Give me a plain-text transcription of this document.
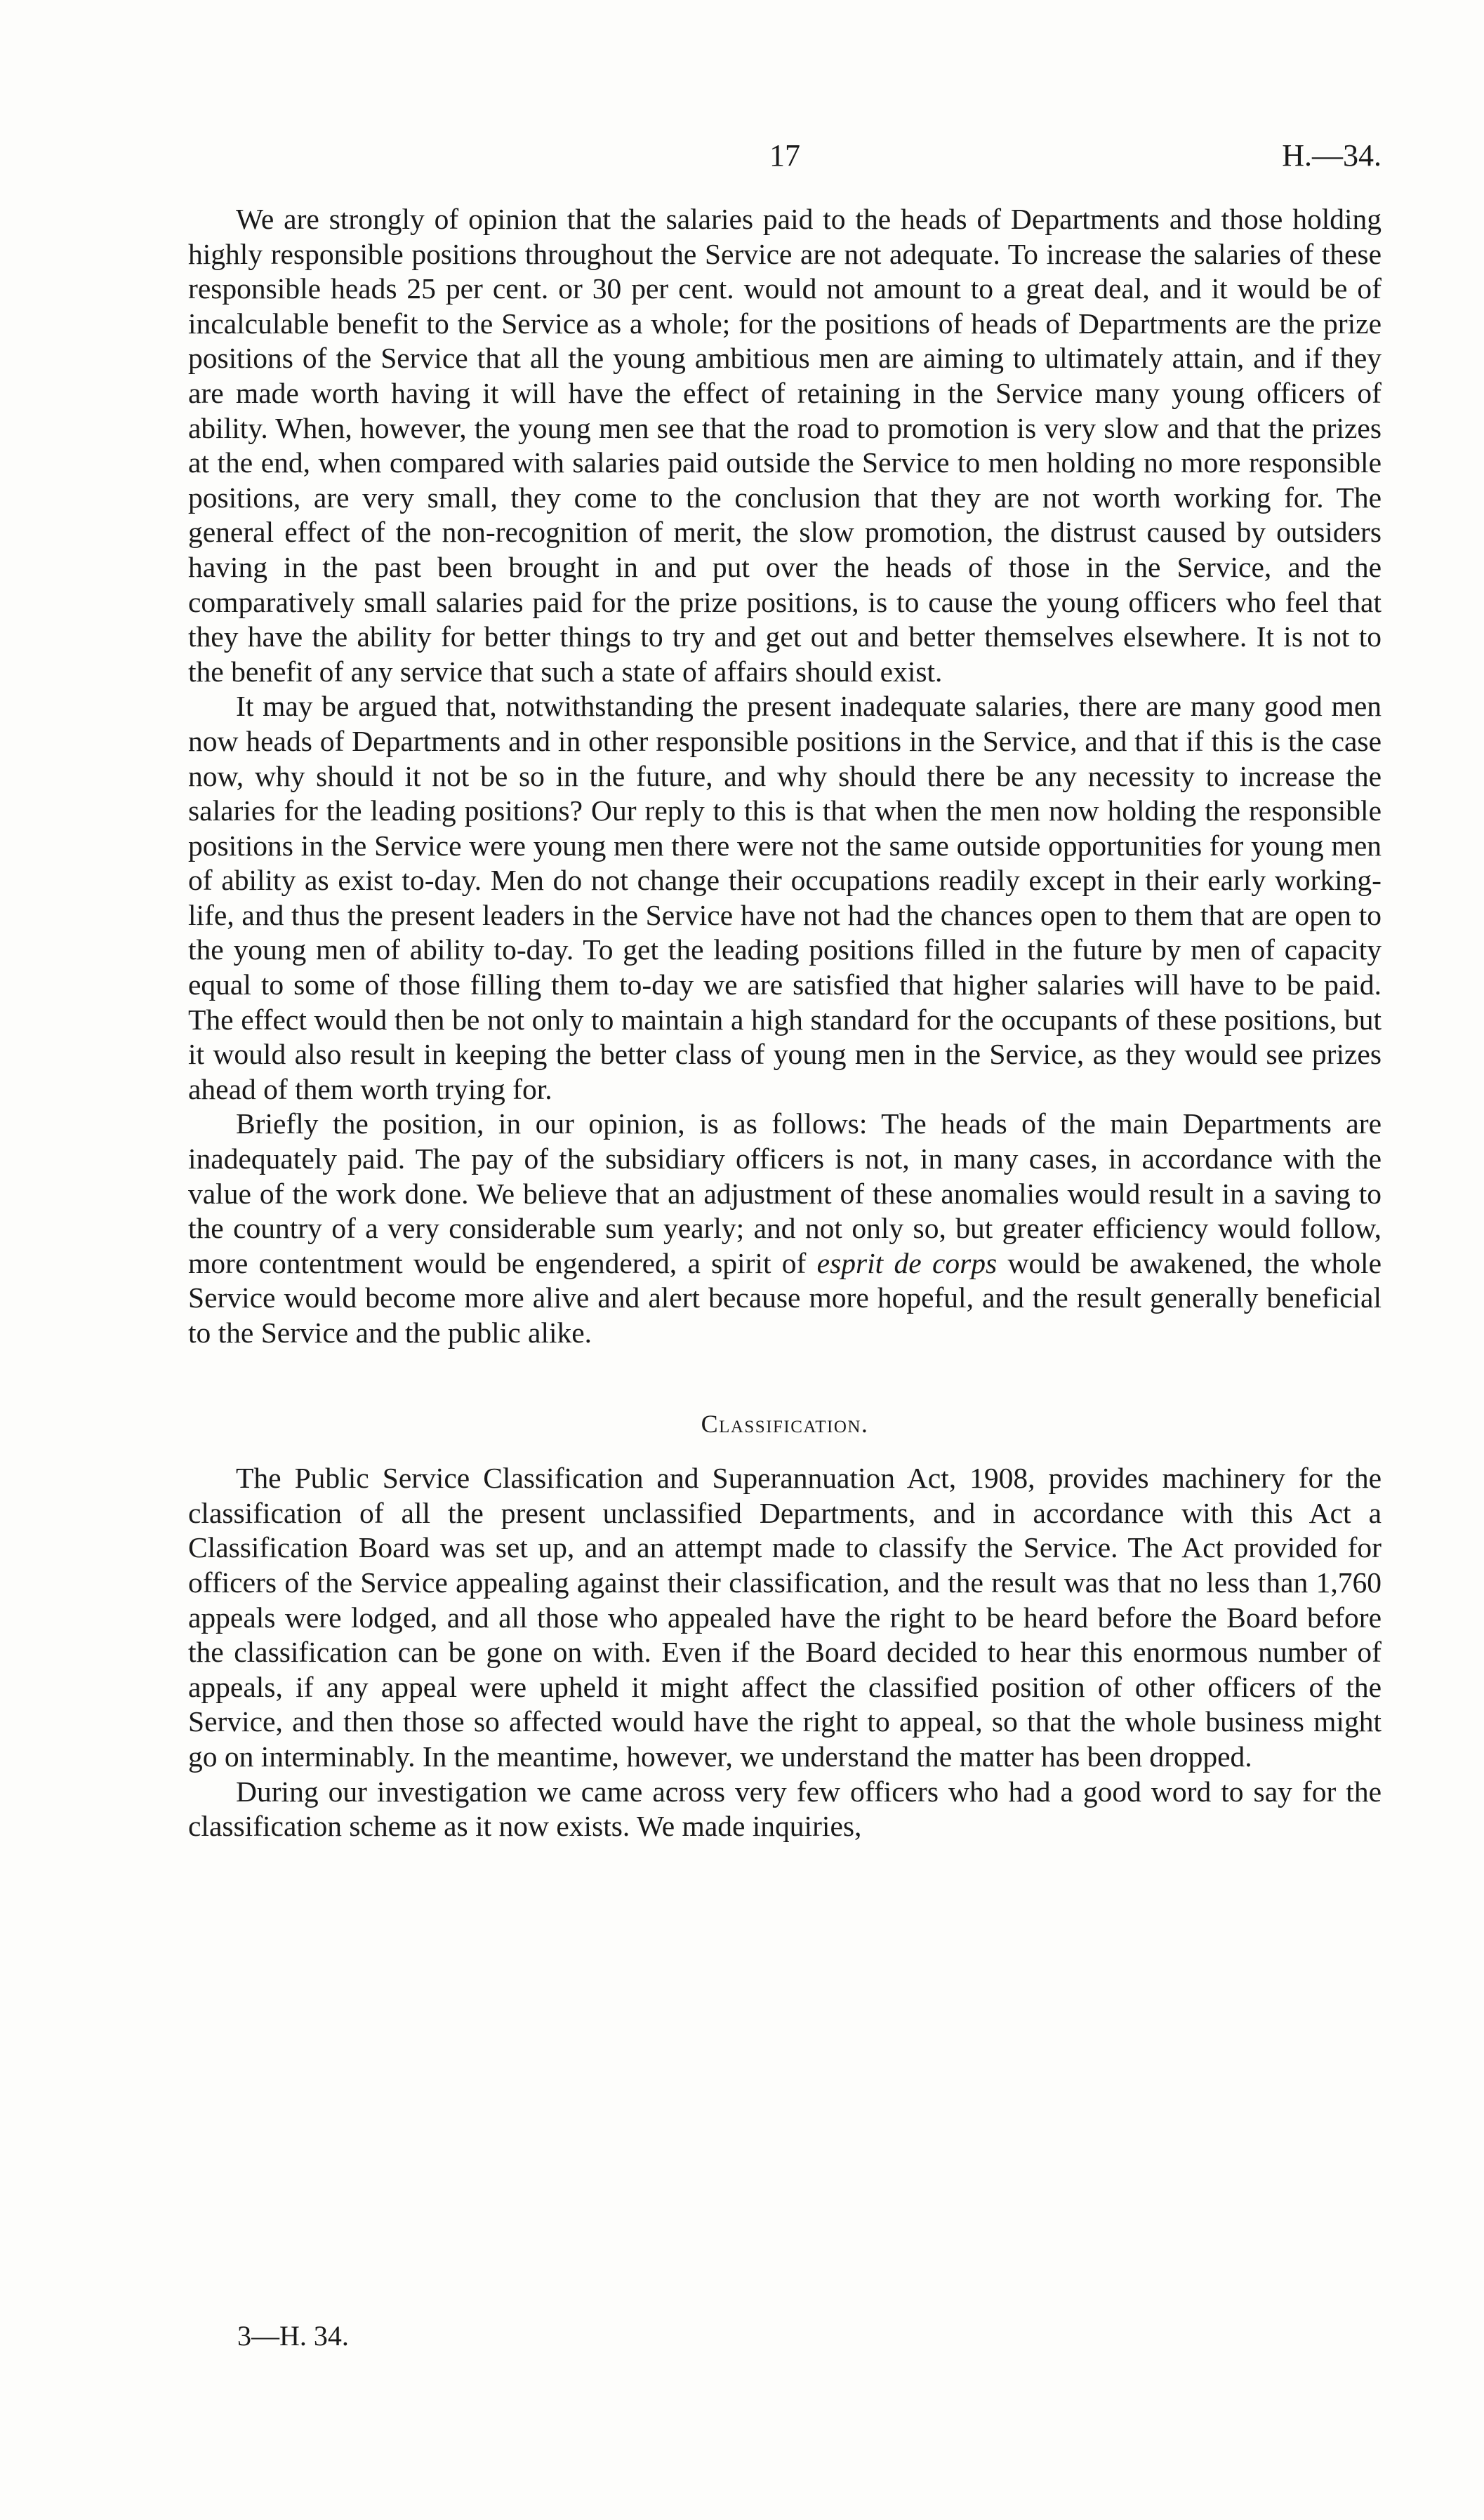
17	H.—34.

We are strongly of opinion that the salaries paid to the heads of Departments and those holding highly responsible positions throughout the Service are not adequate. To increase the salaries of these responsible heads 25 per cent. or 30 per cent. would not amount to a great deal, and it would be of incalculable benefit to the Service as a whole; for the positions of heads of Departments are the prize positions of the Service that all the young ambitious men are aiming to ultimately attain, and if they are made worth having it will have the effect of retaining in the Service many young officers of ability. When, however, the young men see that the road to promotion is very slow and that the prizes at the end, when compared with salaries paid outside the Service to men holding no more responsible positions, are very small, they come to the conclusion that they are not worth working for. The general effect of the non-recognition of merit, the slow promotion, the distrust caused by outsiders having in the past been brought in and put over the heads of those in the Service, and the comparatively small salaries paid for the prize positions, is to cause the young officers who feel that they have the ability for better things to try and get out and better themselves elsewhere. It is not to the benefit of any service that such a state of affairs should exist.

It may be argued that, notwithstanding the present inadequate salaries, there are many good men now heads of Departments and in other responsible positions in the Service, and that if this is the case now, why should it not be so in the future, and why should there be any necessity to increase the salaries for the leading positions? Our reply to this is that when the men now holding the responsible positions in the Service were young men there were not the same outside opportunities for young men of ability as exist to-day. Men do not change their occupations readily except in their early working-life, and thus the present leaders in the Service have not had the chances open to them that are open to the young men of ability to-day. To get the leading positions filled in the future by men of capacity equal to some of those filling them to-day we are satisfied that higher salaries will have to be paid. The effect would then be not only to maintain a high standard for the occupants of these positions, but it would also result in keeping the better class of young men in the Service, as they would see prizes ahead of them worth trying for.

Briefly the position, in our opinion, is as follows: The heads of the main Departments are inadequately paid. The pay of the subsidiary officers is not, in many cases, in accordance with the value of the work done. We believe that an adjustment of these anomalies would result in a saving to the country of a very considerable sum yearly; and not only so, but greater efficiency would follow, more contentment would be engendered, a spirit of esprit de corps would be awakened, the whole Service would become more alive and alert because more hopeful, and the result generally beneficial to the Service and the public alike.

Classification.

The Public Service Classification and Superannuation Act, 1908, provides machinery for the classification of all the present unclassified Departments, and in accordance with this Act a Classification Board was set up, and an attempt made to classify the Service. The Act provided for officers of the Service appealing against their classification, and the result was that no less than 1,760 appeals were lodged, and all those who appealed have the right to be heard before the Board before the classification can be gone on with. Even if the Board decided to hear this enormous number of appeals, if any appeal were upheld it might affect the classified position of other officers of the Service, and then those so affected would have the right to appeal, so that the whole business might go on interminably. In the meantime, however, we understand the matter has been dropped.

During our investigation we came across very few officers who had a good word to say for the classification scheme as it now exists. We made inquiries,

3—H. 34.
